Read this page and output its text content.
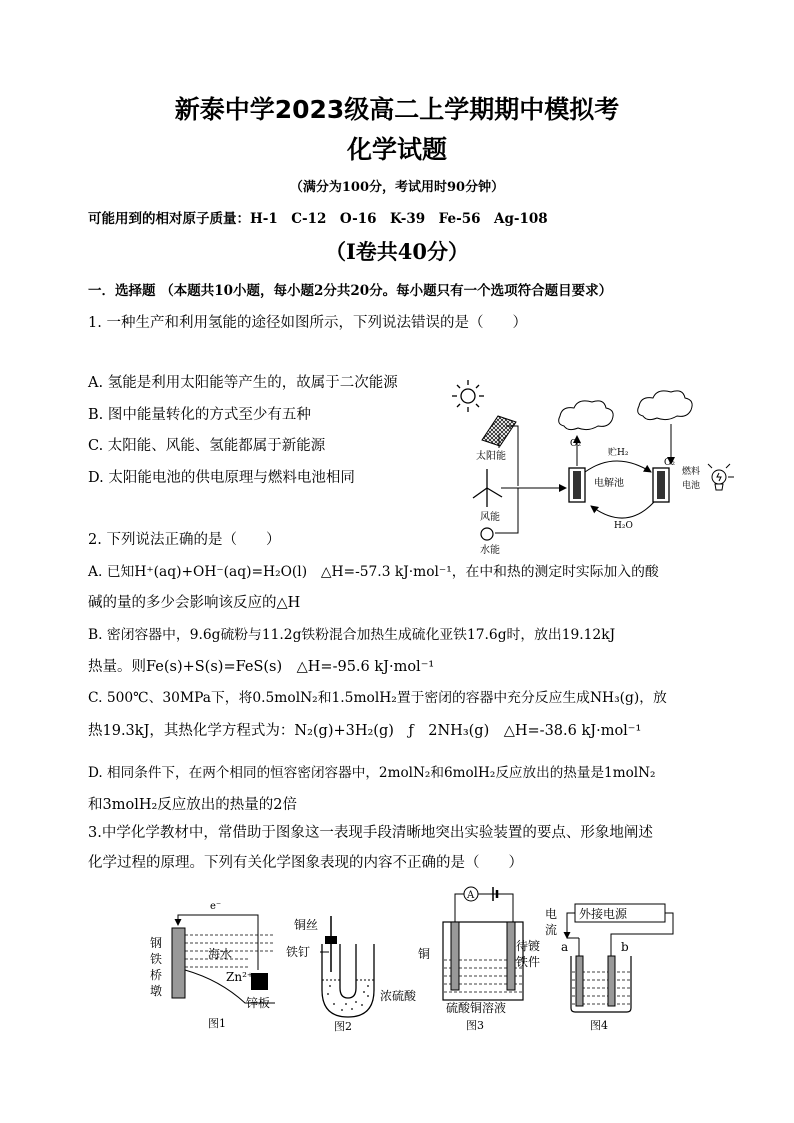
新泰中学2023级高二上学期期中模拟考
化学试题
（满分为100分，考试用时90分钟）
可能用到的相对原子质量：H-1　C-12　O-16　K-39　Fe-56　Ag-108
（Ⅰ卷共40分）
一．选择题 （本题共10小题，每小题2分共20分。每小题只有一个选项符合题目要求）
1. 一种生产和利用氢能的途径如图所示，下列说法错误的是（　　）
A. 氢能是利用太阳能等产生的，故属于二次能源
B. 图中能量转化的方式至少有五种
C. 太阳能、风能、氢能都属于新能源
D. 太阳能电池的供电原理与燃料电池相同
太阳能
风能
水能
O₂
电解池
贮H₂
O₂
燃料
电池
H₂O
2. 下列说法正确的是（　　）
A. 已知H⁺(aq)+OH⁻(aq)=H₂O(l)　△H=-57.3 kJ·mol⁻¹，在中和热的测定时实际加入的酸
碱的量的多少会影响该反应的△H
B. 密闭容器中，9.6g硫粉与11.2g铁粉混合加热生成硫化亚铁17.6g时，放出19.12kJ
热量。则Fe(s)+S(s)=FeS(s)　△H=-95.6 kJ·mol⁻¹
C. 500℃、30MPa下，将0.5molN₂和1.5molH₂置于密闭的容器中充分反应生成NH₃(g)，放
热19.3kJ，其热化学方程式为：N₂(g)+3H₂(g)　ƒ　2NH₃(g)　△H=-38.6 kJ·mol⁻¹
D. 相同条件下，在两个相同的恒容密闭容器中，2molN₂和6molH₂反应放出的热量是1molN₂
和3molH₂反应放出的热量的2倍
3.中学化学教材中，常借助于图象这一表现手段清晰地突出实验装置的要点、形象地阐述
化学过程的原理。下列有关化学图象表现的内容不正确的是（　　）
e⁻
钢
铁
桥
墩
海水
Zn²⁺
锌板
图1
铜丝
铁钉
浓硫酸
图2
A
铜
待镀
铁件
硫酸铜溶液
图3
电
流
外接电源
a	b
图4
